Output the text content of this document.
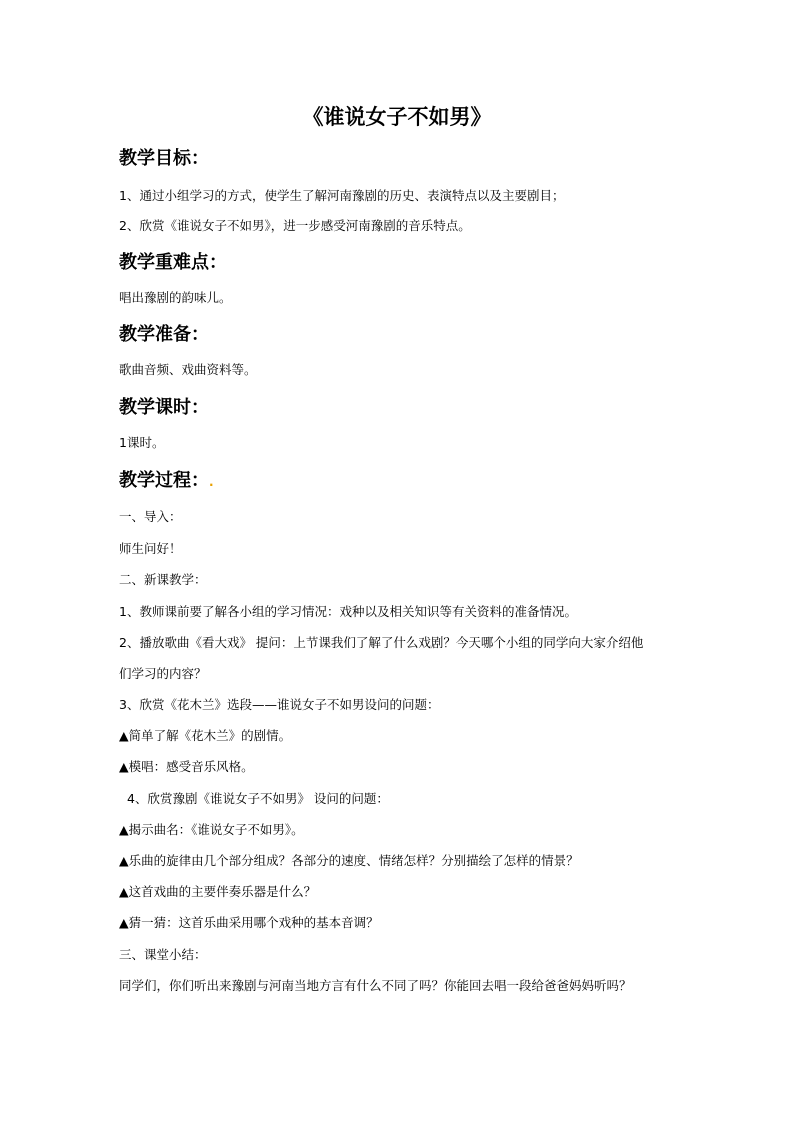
《谁说女子不如男》
教学目标：
1、通过小组学习的方式，使学生了解河南豫剧的历史、表演特点以及主要剧目；
2、欣赏《谁说女子不如男》，进一步感受河南豫剧的音乐特点。
教学重难点：
唱出豫剧的韵味儿。
教学准备：
歌曲音频、戏曲资料等。
教学课时：
1课时。
教学过程：.
一、导入：
师生问好！
二、新课教学：
1、教师课前要了解各小组的学习情况：戏种以及相关知识等有关资料的准备情况。
2、播放歌曲《看大戏》 提问：上节课我们了解了什么戏剧？今天哪个小组的同学向大家介绍他
们学习的内容？
3、欣赏《花木兰》选段——谁说女子不如男设问的问题：
▲简单了解《花木兰》的剧情。
▲模唱：感受音乐风格。
4、欣赏豫剧《谁说女子不如男》 设问的问题：
▲揭示曲名：《谁说女子不如男》。
▲乐曲的旋律由几个部分组成？各部分的速度、情绪怎样？分别描绘了怎样的情景？
▲这首戏曲的主要伴奏乐器是什么？
▲猜一猜：这首乐曲采用哪个戏种的基本音调？
三、课堂小结：
同学们，你们听出来豫剧与河南当地方言有什么不同了吗？你能回去唱一段给爸爸妈妈听吗？
